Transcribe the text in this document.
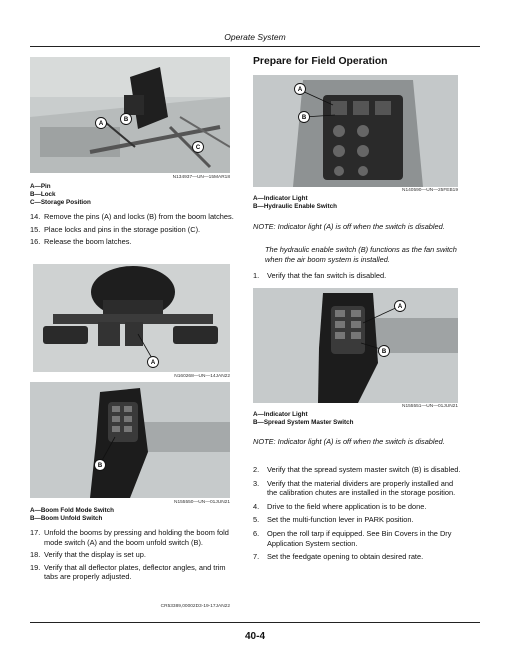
Operate System
A
B
C
N134937—UN—15MAR18
A—Pin
B—Lock
C—Storage Position
14. Remove the pins (A) and locks (B) from the boom latches.
15. Place locks and pins in the storage position (C).
16. Release the boom latches.
A
N160268—UN—14JAN22
B
N155550—UN—01JUN21
A—Boom Fold Mode Switch
B—Boom Unfold Switch
17. Unfold the booms by pressing and holding the boom fold mode switch (A) and the boom unfold switch (B).
18. Verify that the display is set up.
19. Verify that all deflector plates, deflector angles, and trim tabs are properly adjusted.
CR53389,00002D3-19-17JAN22
Prepare for Field Operation
A
B
N140590—UN—25FEB19
A—Indicator Light
B—Hydraulic Enable Switch
NOTE: Indicator light (A) is off when the switch is disabled.
The hydraulic enable switch (B) functions as the fan switch when the air boom system is installed.
1.	Verify that the fan switch is disabled.
A
B
N155551—UN—01JUN21
A—Indicator Light
B—Spread System Master Switch
NOTE: Indicator light (A) is off when the switch is disabled.
2.	Verify that the spread system master switch (B) is disabled.
3.	Verify that the material dividers are properly installed and the calibration chutes are installed in the storage position.
4.	Drive to the field where application is to be done.
5.	Set the multi-function lever in PARK position.
6.	Open the roll tarp if equipped. See Bin Covers in the Dry Application System section.
7.	Set the feedgate opening to obtain desired rate.
40-4
